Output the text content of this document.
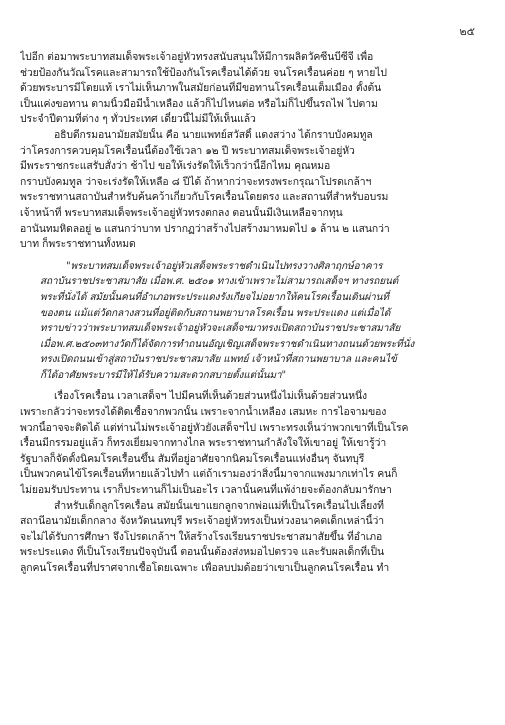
๒๕
ไปอีก ต่อมาพระบาทสมเด็จพระเจ้าอยู่หัวทรงสนับสนุนให้มีการผลิตวัคซีนบีซีจี เพื่อ
ช่วยป้องกันวัณโรคและสามารถใช้ป้องกันโรคเรื้อนได้ด้วย จนโรคเรื้อนค่อย ๆ หายไป
ด้วยพระบารมีโดยแท้ เราไม่เห็นภาพในสมัยก่อนที่มีขอทานโรคเรื้อนเต็มเมือง ตั้งต้น
เป็นแค่งขอทาน ตามนิ้วมือมีน้ำเหลือง แล้วก็ไปไหนต่อ หรือไม่ก็ไปขึ้นรถไฟ ไปตาม
ประจำปีตามที่ต่าง ๆ ทั่วประเทศ เดี๋ยวนี้ไม่มีให้เห็นแล้ว
อธิบดีกรมอนามัยสมัยนั้น คือ นายแพทย์สวัสดิ์ แดงสว่าง ได้กราบบังคมทูล
ว่าโครงการควบคุมโรคเรื้อนนี้ต้องใช้เวลา ๑๒ ปี พระบาทสมเด็จพระเจ้าอยู่หัว
มีพระราชกระแสรับสั่งว่า ช้าไป ขอให้เร่งรัดให้เร็วกว่านี้อีกไหม คุณหมอ
กราบบังคมทูล ว่าจะเร่งรัดให้เหลือ ๘ ปีได้ ถ้าหากว่าจะทรงพระกรุณาโปรดเกล้าฯ
พระราชทานสถาบันสำหรับค้นคว้าเกี่ยวกับโรคเรื้อนโดยตรง และสถานที่สำหรับอบรม
เจ้าหน้าที่ พระบาทสมเด็จพระเจ้าอยู่หัวทรงตกลง ตอนนั้นมีเงินเหลือจากทุน
อานันทมหิดลอยู่ ๒ แสนกว่าบาท ปรากฏว่าสร้างไปสร้างมาหมดไป ๑ ล้าน ๒ แสนกว่า
บาท ก็พระราชทานทั้งหมด
"พระบาทสมเด็จพระเจ้าอยู่หัวเสด็จพระราชดำเนินไปทรงวางศิลาฤกษ์อาคาร
สถาบันราชประชาสมาสัย เมื่อพ.ศ. ๒๕๐๑ ทางเข้าเพราะไม่สามารถเสด็จฯ ทางรถยนต์
พระที่นั่งได้ สมัยนั้นคนที่อำเภอพระประแดงรังเกียจไม่อยากให้คนโรคเรื้อนเดินผ่านที่
ของตน แม้แต่วัดกลางสวนที่อยู่ติดกับสถานพยาบาลโรคเรื้อน พระประแดง แต่เมื่อได้
ทราบข่าวว่าพระบาทสมเด็จพระเจ้าอยู่หัวจะเสด็จฯมาทรงเปิดสถาบันราชประชาสมาสัย
เมื่อพ.ศ.๒๕๐๓ทางวัดก็ได้จัดการทำถนนอัญเชิญเสด็จพระราชดำเนินทางถนนด้วยพระที่นั่ง
ทรงเปิดถนนเข้าสู่สถาบันราชประชาสมาสัย แพทย์ เจ้าหน้าที่สถานพยาบาล และคนไข้
ก็ได้อาศัยพระบารมีให้ได้รับความสะดวกสบายตั้งแต่นั้นมา"
เรื่องโรคเรื้อน เวลาเสด็จฯ ไปมีคนที่เห็นด้วยส่วนหนึ่งไม่เห็นด้วยส่วนหนึ่ง
เพราะกลัวว่าจะทรงได้ติดเชื้อจากพวกนั้น เพราะจากน้ำเหลือง เสมหะ การไอจามของ
พวกนี้อาจจะติดได้ แต่ท่านไม่พระเจ้าอยู่หัวยังเสด็จฯไป เพราะทรงเห็นว่าพวกเขาที่เป็นโรค
เรื้อนมีกรรมอยู่แล้ว ก็ทรงเยี่ยมจากทางไกล พระราชทานกำลังใจให้เขาอยู่ ให้เขารู้ว่า
รัฐบาลก็จัดตั้งนิคมโรคเรื้อนขึ้น สัมที่อยู่อาศัยจากนิคมโรคเรื้อนแห่งอื่นๆ จันทบุรี
เป็นพวกคนไข้โรคเรื้อนที่หายแล้วไปทำ แต่ถ้าเรามองว่าสิ่งนี้มาจากแพงมากเท่าไร คนก็
ไม่ยอมรับประทาน เราก็ประทานก็ไม่เป็นอะไร เวลานั้นคนที่แพ้ง่ายจะต้องกลับมารักษา
สำหรับเด็กลูกโรคเรื้อน สมัยนั้นเขาแยกลูกจากพ่อแม่ที่เป็นโรคเรื้อนไปเลี้ยงที่
สถานีอนามัยเด็กกลาง จังหวัดนนทบุรี พระเจ้าอยู่หัวทรงเป็นห่วงอนาคตเด็กเหล่านี้ว่า
จะไม่ได้รับการศึกษา จึงโปรดเกล้าฯ ให้สร้างโรงเรียนราชประชาสมาสัยขึ้น ที่อำเภอ
พระประแดง ที่เป็นโรงเรียนปัจจุบันนี้ ตอนนั้นต้องส่งหมอไปตรวจ และรับผลเด็กที่เป็น
ลูกคนโรคเรื้อนที่ปราศจากเชื้อโดยเฉพาะ เพื่อลบปมด้อยว่าเขาเป็นลูกคนโรคเรื้อน ทำ
